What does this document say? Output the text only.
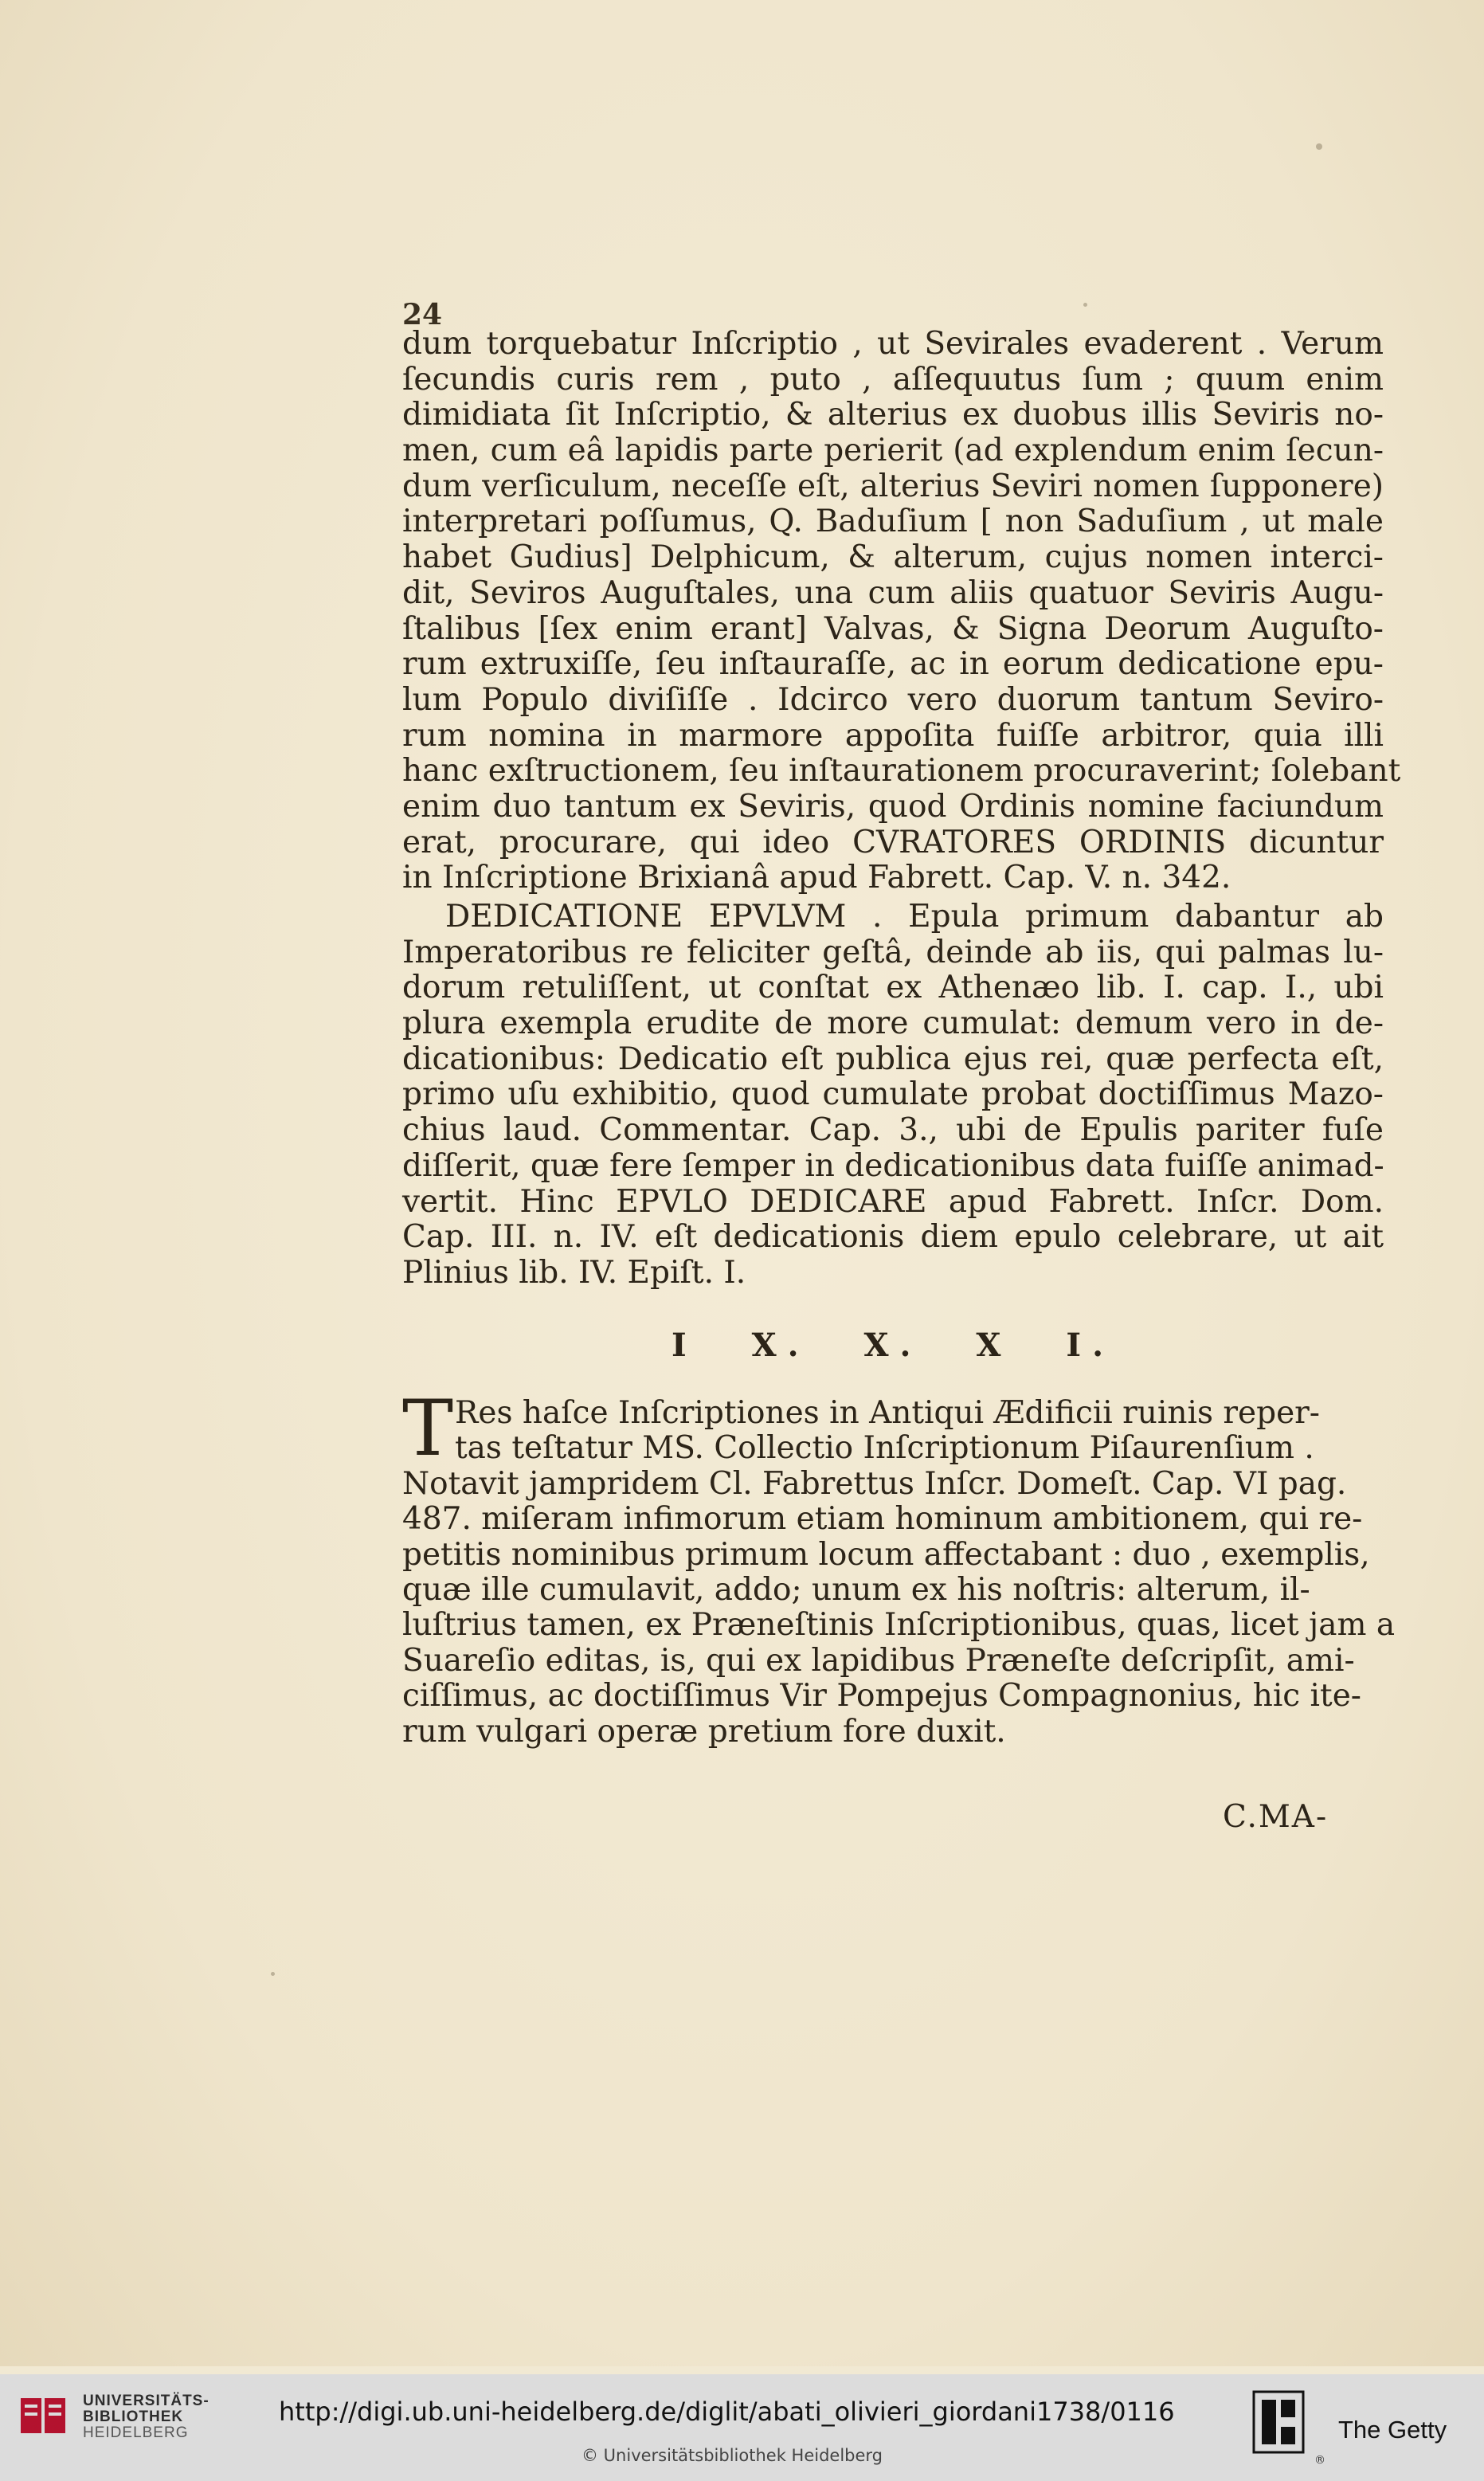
24
dum torquebatur Inſcriptio , ut Sevirales evaderent . Verum
ſecundis curis rem , puto , aſſequutus ſum ; quum enim
dimidiata ſit Inſcriptio, & alterius ex duobus illis Seviris no-
men, cum eâ lapidis parte perierit (ad explendum enim ſecun-
dum verſiculum, neceſſe eſt, alterius Seviri nomen ſupponere)
interpretari poſſumus, Q. Baduſium [ non Saduſium , ut male
habet Gudius] Delphicum, & alterum, cujus nomen interci-
dit, Seviros Auguſtales, una cum aliis quatuor Seviris Augu-
ſtalibus [ſex enim erant] Valvas, & Signa Deorum Auguſto-
rum extruxiſſe, ſeu inſtauraſſe, ac in eorum dedicatione epu-
lum Populo diviſiſſe . Idcirco vero duorum tantum Seviro-
rum nomina in marmore appoſita fuiſſe arbitror, quia illi
hanc exſtructionem, ſeu inſtaurationem procuraverint; ſolebant
enim duo tantum ex Seviris, quod Ordinis nomine faciundum
erat, procurare, qui ideo CVRATORES ORDINIS dicuntur
in Inſcriptione Brixianâ apud Fabrett. Cap. V. n. 342.
DEDICATIONE EPVLVM . Epula primum dabantur ab
Imperatoribus re feliciter geſtâ, deinde ab iis, qui palmas lu-
dorum retuliſſent, ut conſtat ex Athenæo lib. I. cap. I., ubi
plura exempla erudite de more cumulat: demum vero in de-
dicationibus: Dedicatio eſt publica ejus rei, quæ perfecta eſt,
primo uſu exhibitio, quod cumulate probat doctiſſimus Mazo-
chius laud. Commentar. Cap. 3., ubi de Epulis pariter fuſe
diſſerit, quæ fere ſemper in dedicationibus data fuiſſe animad-
vertit. Hinc EPVLO DEDICARE apud Fabrett. Inſcr. Dom.
Cap. III. n. IV. eſt dedicationis diem epulo celebrare, ut ait
Plinius lib. IV. Epiſt. I.
I X. X. X I.
T Res haſce Inſcriptiones in Antiqui Ædificii ruinis reper-
tas teſtatur MS. Collectio Inſcriptionum Piſaurenſium .
Notavit jampridem Cl. Fabrettus Inſcr. Domeſt. Cap. VI pag.
487. miſeram infimorum etiam hominum ambitionem, qui re-
petitis nominibus primum locum affectabant : duo , exemplis,
quæ ille cumulavit, addo; unum ex his noſtris: alterum, il-
luſtrius tamen, ex Præneſtinis Inſcriptionibus, quas, licet jam a
Suareſio editas, is, qui ex lapidibus Præneſte deſcripſit, ami-
ciſſimus, ac doctiſſimus Vir Pompejus Compagnonius, hic ite-
rum vulgari operæ pretium fore duxit.
C.MA-
UNIVERSITÄTS-
BIBLIOTHEK
HEIDELBERG
http://digi.ub.uni-heidelberg.de/diglit/abati_olivieri_giordani1738/0116
© Universitätsbibliothek Heidelberg	®
The Getty
